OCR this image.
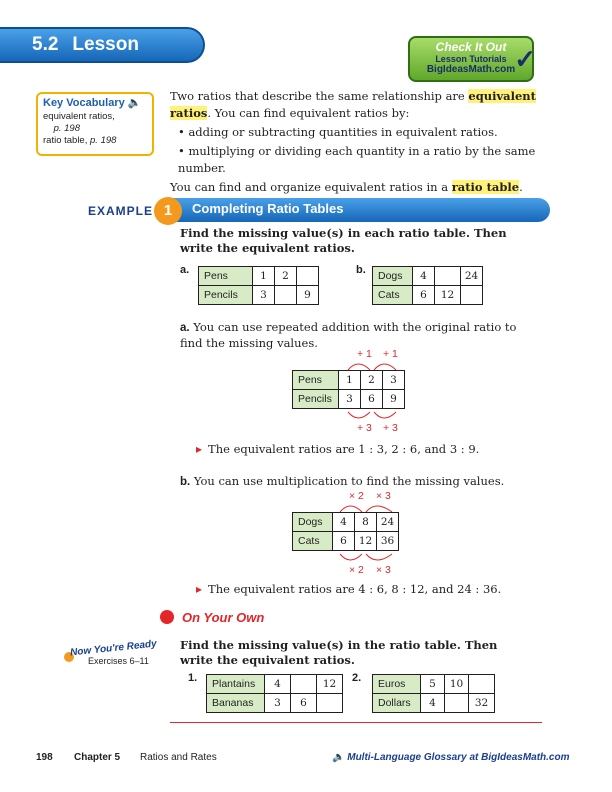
5.2 Lesson	Check It Out
Lesson Tutorials
BigIdeasMath.com ✓
Key Vocabulary 🔈
equivalent ratios,
p. 198
ratio table, p. 198

Two ratios that describe the same relationship are equivalent ratios. You can find equivalent ratios by:

• adding or subtracting quantities in equivalent ratios.
• multiplying or dividing each quantity in a ratio by the same number.

You can find and organize equivalent ratios in a ratio table.

EXAMPLE	Completing Ratio Tables
1
Find the missing value(s) in each ratio table. Then write the equivalent ratios.
a. Pens	1	2	
Pencils	3		9
b. Dogs	4		24
Cats	6	12	
a. You can use repeated addition with the original ratio to find the missing values.
+ 1 + 1
Pens	1	2	3
Pencils	3	6	9
+ 3 + 3
▸ The equivalent ratios are 1 : 3, 2 : 6, and 3 : 9.
b. You can use multiplication to find the missing values.
× 2 × 3
Dogs	4	8	24
Cats	6	12	36
× 2 × 3
▸ The equivalent ratios are 4 : 6, 8 : 12, and 24 : 36.
On Your Own
Now You're Ready
Exercises 6–11
Find the missing value(s) in the ratio table. Then write the equivalent ratios.
1. Plantains	4		12
Bananas	3	6	
2. Euros	5	10	
Dollars	4		32
198 Chapter 5 Ratios and Rates	🔈 Multi-Language Glossary at BigIdeasMath.com
